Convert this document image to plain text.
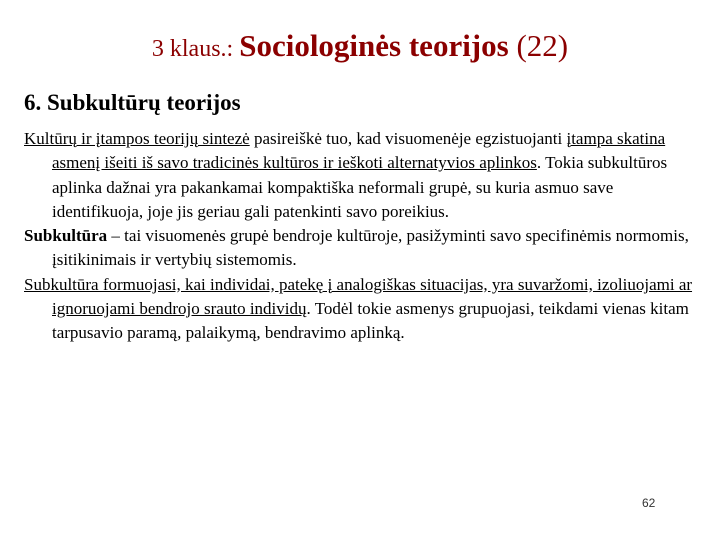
3 klaus.: Sociologinės teorijos (22)
6. Subkultūrų teorijos

Kultūrų ir įtampos teorijų sintezė pasireiškė tuo, kad visuomenėje egzistuojanti įtampa skatina asmenį išeiti iš savo tradicinės kultūros ir ieškoti alternatyvios aplinkos. Tokia subkultūros aplinka dažnai yra pakankamai kompaktiška neformali grupė, su kuria asmuo save identifikuoja, joje jis geriau gali patenkinti savo poreikius.

Subkultūra – tai visuomenės grupė bendroje kultūroje, pasižyminti savo specifinėmis normomis, įsitikinimais ir vertybių sistemomis.

Subkultūra formuojasi, kai individai, patekę į analogiškas situacijas, yra suvaržomi, izoliuojami ar ignoruojami bendrojo srauto individų. Todėl tokie asmenys grupuojasi, teikdami vienas kitam tarpusavio paramą, palaikymą, bendravimo aplinką.

62
